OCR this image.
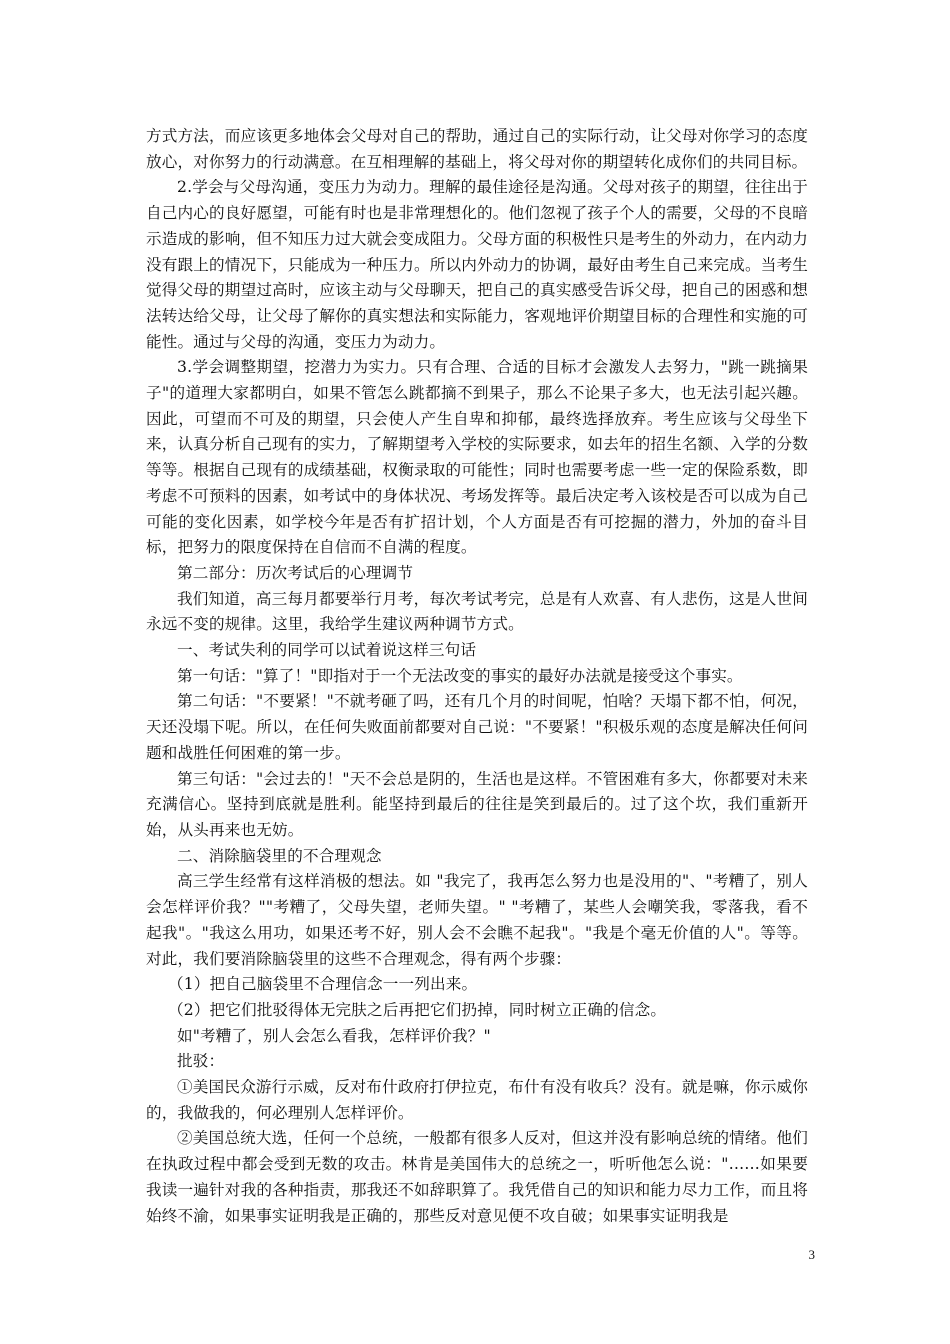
方式方法，而应该更多地体会父母对自己的帮助，通过自己的实际行动，让父母对你学习的态度放心，对你努力的行动满意。在互相理解的基础上，将父母对你的期望转化成你们的共同目标。

2.学会与父母沟通，变压力为动力。理解的最佳途径是沟通。父母对孩子的期望，往往出于自己内心的良好愿望，可能有时也是非常理想化的。他们忽视了孩子个人的需要，父母的不良暗示造成的影响，但不知压力过大就会变成阻力。父母方面的积极性只是考生的外动力，在内动力没有跟上的情况下，只能成为一种压力。所以内外动力的协调，最好由考生自己来完成。当考生觉得父母的期望过高时，应该主动与父母聊天，把自己的真实感受告诉父母，把自己的困惑和想法转达给父母，让父母了解你的真实想法和实际能力，客观地评价期望目标的合理性和实施的可能性。通过与父母的沟通，变压力为动力。

3.学会调整期望，挖潜力为实力。只有合理、合适的目标才会激发人去努力，"跳一跳摘果子"的道理大家都明白，如果不管怎么跳都摘不到果子，那么不论果子多大，也无法引起兴趣。因此，可望而不可及的期望，只会使人产生自卑和抑郁，最终选择放弃。考生应该与父母坐下来，认真分析自己现有的实力，了解期望考入学校的实际要求，如去年的招生名额、入学的分数等等。根据自己现有的成绩基础，权衡录取的可能性；同时也需要考虑一些一定的保险系数，即考虑不可预料的因素，如考试中的身体状况、考场发挥等。最后决定考入该校是否可以成为自己可能的变化因素，如学校今年是否有扩招计划，个人方面是否有可挖掘的潜力，外加的奋斗目标，把努力的限度保持在自信而不自满的程度。

第二部分：历次考试后的心理调节

我们知道，高三每月都要举行月考，每次考试考完，总是有人欢喜、有人悲伤，这是人世间永远不变的规律。这里，我给学生建议两种调节方式。

一、考试失利的同学可以试着说这样三句话

第一句话："算了！"即指对于一个无法改变的事实的最好办法就是接受这个事实。

第二句话："不要紧！"不就考砸了吗，还有几个月的时间呢，怕啥？天塌下都不怕，何况，天还没塌下呢。所以，在任何失败面前都要对自己说："不要紧！"积极乐观的态度是解决任何问题和战胜任何困难的第一步。

第三句话："会过去的！"天不会总是阴的，生活也是这样。不管困难有多大，你都要对未来充满信心。坚持到底就是胜利。能坚持到最后的往往是笑到最后的。过了这个坎，我们重新开始，从头再来也无妨。

二、消除脑袋里的不合理观念

高三学生经常有这样消极的想法。如 "我完了，我再怎么努力也是没用的"、"考糟了，别人会怎样评价我？""考糟了，父母失望，老师失望。" "考糟了，某些人会嘲笑我，零落我，看不起我"。"我这么用功，如果还考不好，别人会不会瞧不起我"。"我是个毫无价值的人"。等等。对此，我们要消除脑袋里的这些不合理观念，得有两个步骤：

（1）把自己脑袋里不合理信念一一列出来。

（2）把它们批驳得体无完肤之后再把它们扔掉，同时树立正确的信念。

如"考糟了，别人会怎么看我，怎样评价我？"

批驳：

①美国民众游行示威，反对布什政府打伊拉克，布什有没有收兵？没有。就是嘛，你示威你的，我做我的，何必理别人怎样评价。

②美国总统大选，任何一个总统，一般都有很多人反对，但这并没有影响总统的情绪。他们在执政过程中都会受到无数的攻击。林肯是美国伟大的总统之一，听听他怎么说："……如果要我读一遍针对我的各种指责，那我还不如辞职算了。我凭借自己的知识和能力尽力工作，而且将始终不渝，如果事实证明我是正确的，那些反对意见便不攻自破；如果事实证明我是

3
